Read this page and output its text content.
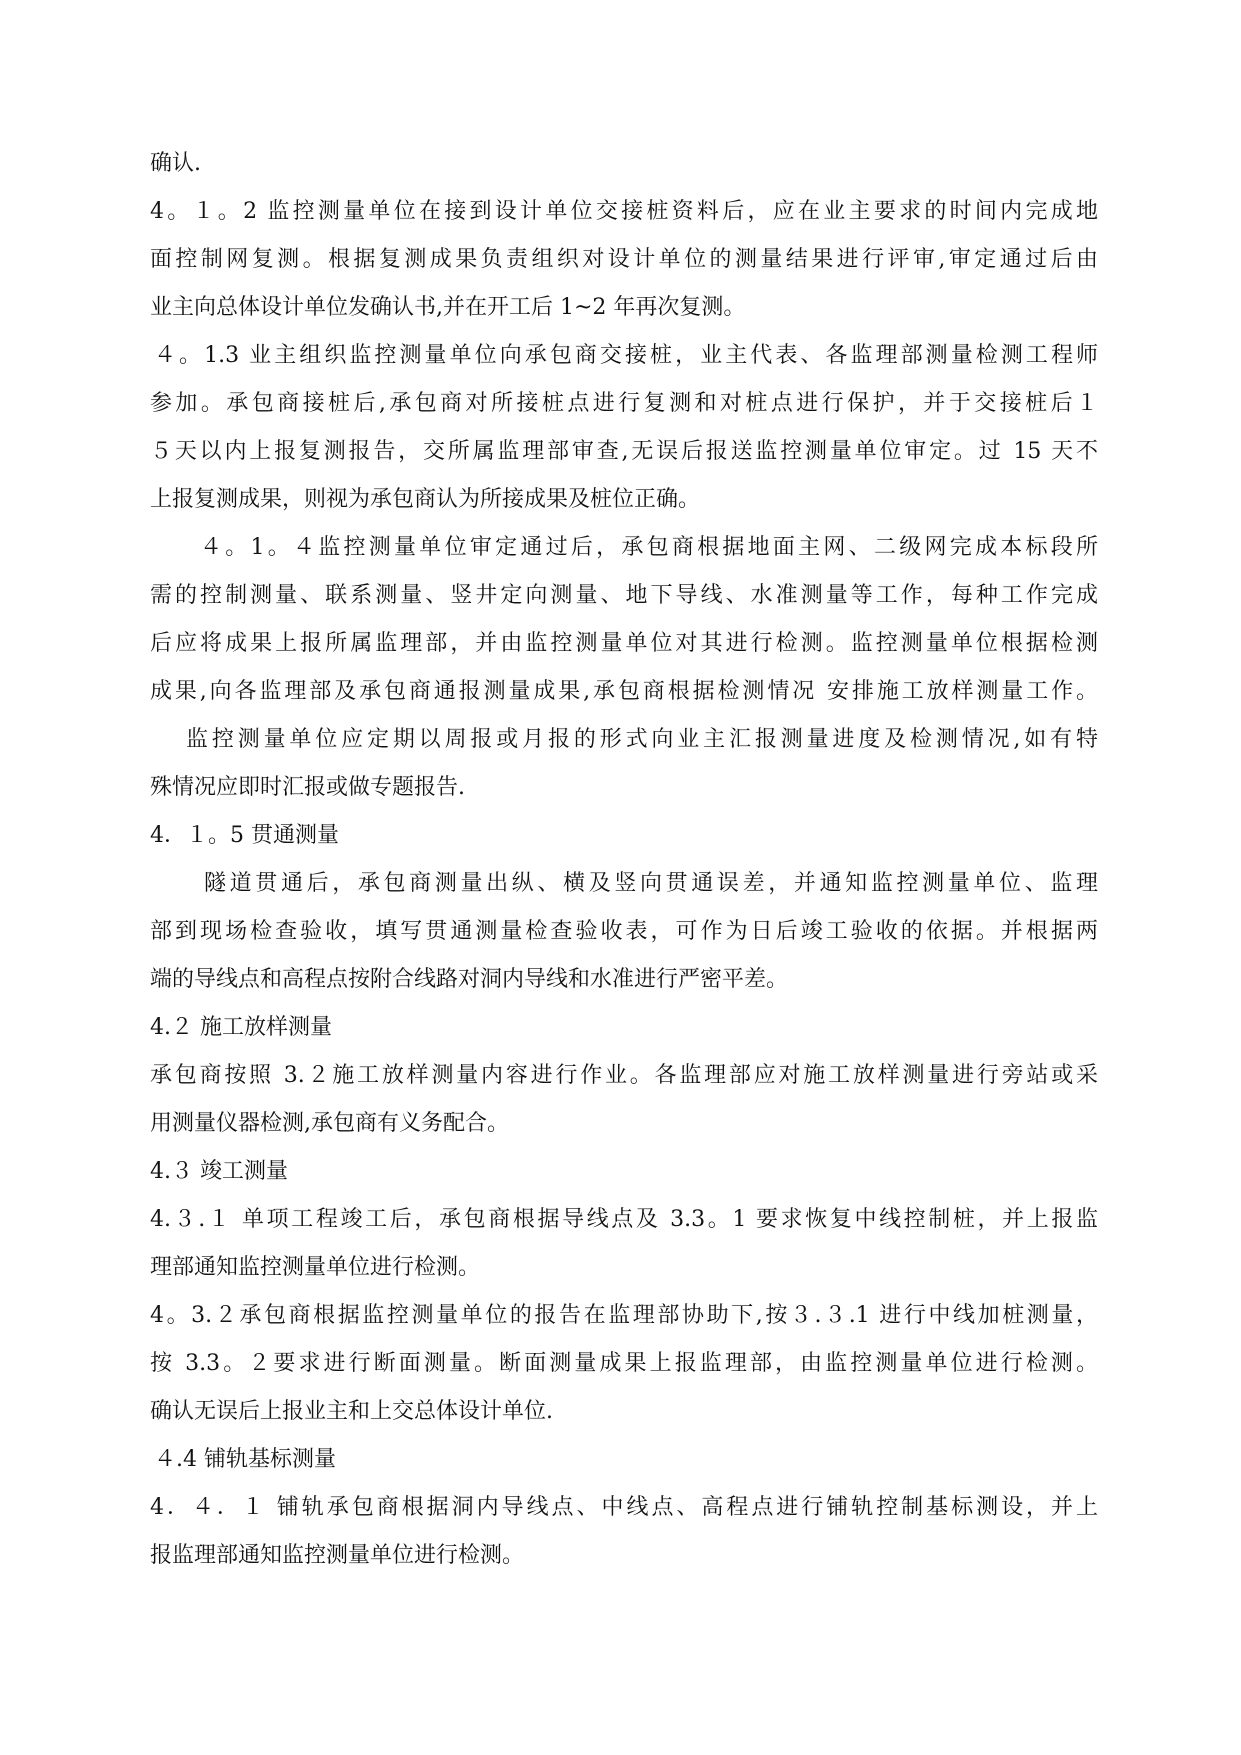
确认.
4。１。2 监控测量单位在接到设计单位交接桩资料后，应在业主要求的时间内完成地
面控制网复测。根据复测成果负责组织对设计单位的测量结果进行评审,审定通过后由
业主向总体设计单位发确认书,并在开工后 1~2 年再次复测。
４。1.3 业主组织监控测量单位向承包商交接桩，业主代表、各监理部测量检测工程师
参加。承包商接桩后,承包商对所接桩点进行复测和对桩点进行保护，并于交接桩后１
５天以内上报复测报告，交所属监理部审查,无误后报送监控测量单位审定。过 15 天不
上报复测成果，则视为承包商认为所接成果及桩位正确。
４。1。４监控测量单位审定通过后，承包商根据地面主网、二级网完成本标段所
需的控制测量、联系测量、竖井定向测量、地下导线、水准测量等工作，每种工作完成
后应将成果上报所属监理部，并由监控测量单位对其进行检测。监控测量单位根据检测
成果,向各监理部及承包商通报测量成果,承包商根据检测情况 安排施工放样测量工作。
监控测量单位应定期以周报或月报的形式向业主汇报测量进度及检测情况,如有特
殊情况应即时汇报或做专题报告.
4．１。5 贯通测量
隧道贯通后，承包商测量出纵、横及竖向贯通误差，并通知监控测量单位、监理
部到现场检查验收，填写贯通测量检查验收表，可作为日后竣工验收的依据。并根据两
端的导线点和高程点按附合线路对洞内导线和水准进行严密平差。
4.２ 施工放样测量
承包商按照 3.２施工放样测量内容进行作业。各监理部应对施工放样测量进行旁站或采
用测量仪器检测,承包商有义务配合。
4.３ 竣工测量
4.３.１ 单项工程竣工后，承包商根据导线点及 3.3。1 要求恢复中线控制桩，并上报监
理部通知监控测量单位进行检测。
4。3.２承包商根据监控测量单位的报告在监理部协助下,按３.３.1 进行中线加桩测量，
按 3.3。２要求进行断面测量。断面测量成果上报监理部，由监控测量单位进行检测。
确认无误后上报业主和上交总体设计单位.
４.4 铺轨基标测量
4．４．１ 铺轨承包商根据洞内导线点、中线点、高程点进行铺轨控制基标测设，并上
报监理部通知监控测量单位进行检测。
